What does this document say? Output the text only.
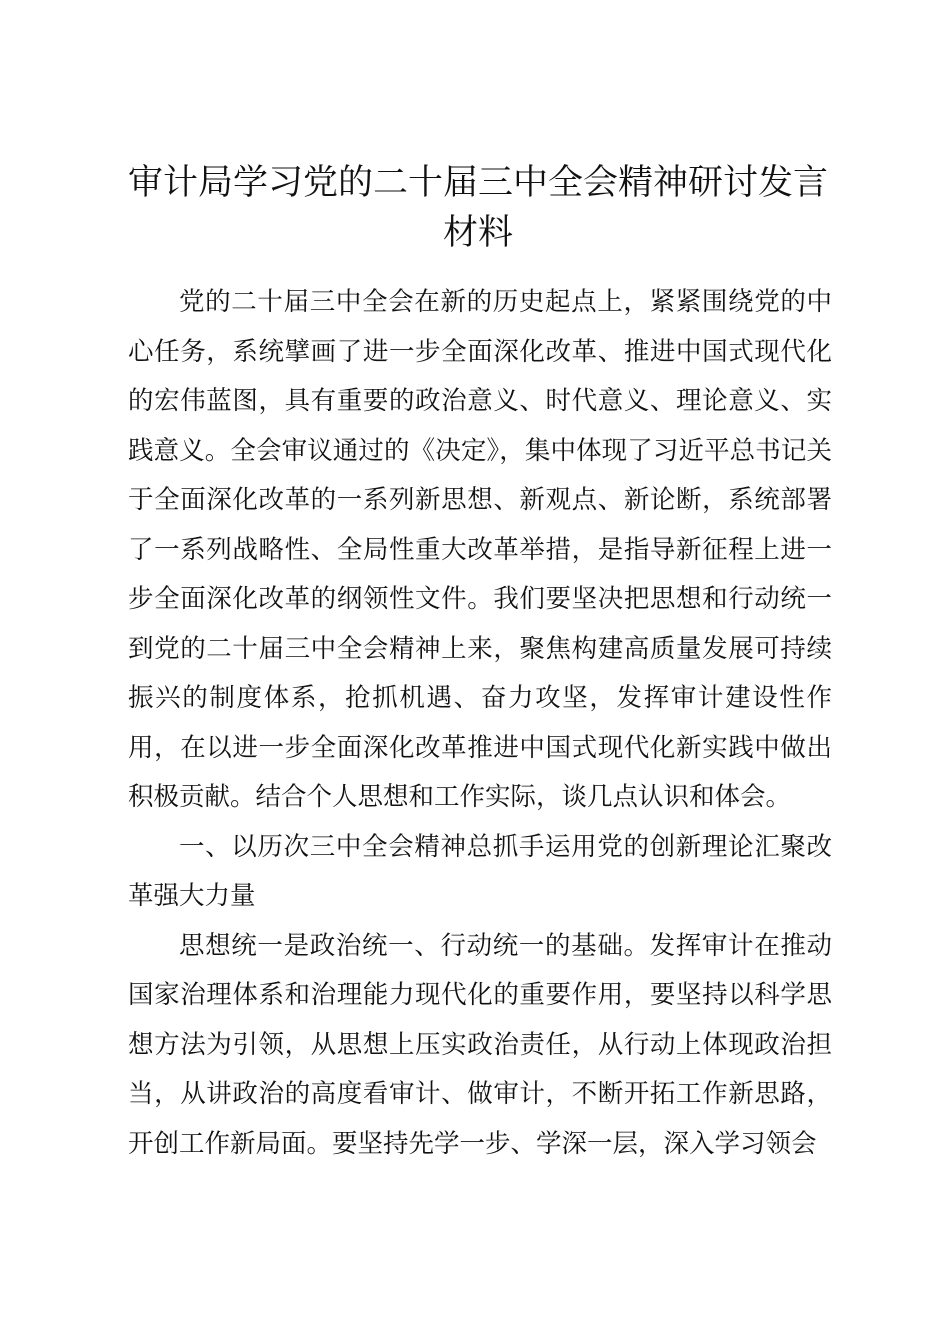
审计局学习党的二十届三中全会精神研讨发言材料

党的二十届三中全会在新的历史起点上，紧紧围绕党的中心任务，系统擘画了进一步全面深化改革、推进中国式现代化的宏伟蓝图，具有重要的政治意义、时代意义、理论意义、实践意义。全会审议通过的《决定》，集中体现了习近平总书记关于全面深化改革的一系列新思想、新观点、新论断，系统部署了一系列战略性、全局性重大改革举措，是指导新征程上进一步全面深化改革的纲领性文件。我们要坚决把思想和行动统一到党的二十届三中全会精神上来，聚焦构建高质量发展可持续振兴的制度体系，抢抓机遇、奋力攻坚，发挥审计建设性作用，在以进一步全面深化改革推进中国式现代化新实践中做出积极贡献。结合个人思想和工作实际，谈几点认识和体会。

一、以历次三中全会精神总抓手运用党的创新理论汇聚改革强大力量

思想统一是政治统一、行动统一的基础。发挥审计在推动国家治理体系和治理能力现代化的重要作用，要坚持以科学思想方法为引领，从思想上压实政治责任，从行动上体现政治担当，从讲政治的高度看审计、做审计，不断开拓工作新思路，开创工作新局面。要坚持先学一步、学深一层，深入学习领会
